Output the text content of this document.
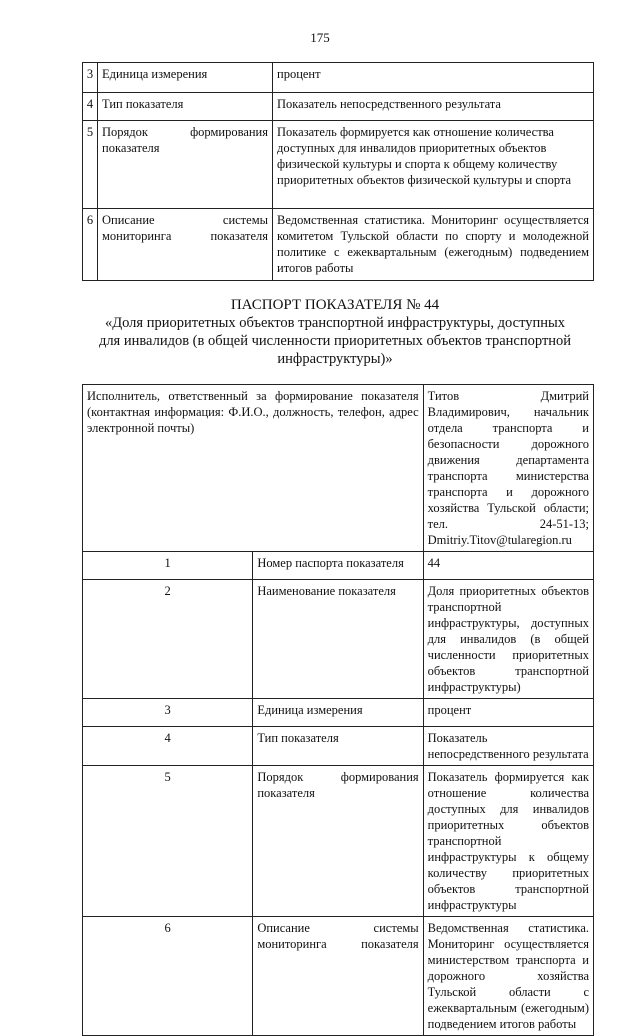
175
3	Единица измерения	процент
4	Тип показателя	Показатель непосредственного результата
5	Порядок формирования показателя	Показатель формируется как отношение количества доступных для инвалидов приоритетных объектов физической культуры и спорта к общему количеству приоритетных объектов физической культуры и спорта
6	Описание системы мониторинга показателя	Ведомственная статистика. Мониторинг осуществляется комитетом Тульской области по спорту и молодежной политике с ежеквартальным (ежегодным) подведением итогов работы
ПАСПОРТ ПОКАЗАТЕЛЯ № 44
«Доля приоритетных объектов транспортной инфраструктуры, доступных
для инвалидов (в общей численности приоритетных объектов транспортной
инфраструктуры)»
Исполнитель, ответственный за формирование показателя (контактная информация: Ф.И.О., должность, телефон, адрес электронной почты)		Титов Дмитрий Владимирович, начальник отдела транспорта и безопасности дорожного движения департамента транспорта министерства транспорта и дорожного хозяйства Тульской области; тел. 24-51-13; Dmitriy.Titov@tularegion.ru
1	Номер паспорта показателя	44
2	Наименование показателя	Доля приоритетных объектов транспортной инфраструктуры, доступных для инвалидов (в общей численности приоритетных объектов транспортной инфраструктуры)
3	Единица измерения	процент
4	Тип показателя	Показатель непосредственного результата
5	Порядок формирования показателя	Показатель формируется как отношение количества доступных для инвалидов приоритетных объектов транспортной инфраструктуры к общему количеству приоритетных объектов транспортной инфраструктуры
6	Описание системы мониторинга показателя	Ведомственная статистика. Мониторинг осуществляется министерством транспорта и дорожного хозяйства Тульской области с ежеквартальным (ежегодным) подведением итогов работы
